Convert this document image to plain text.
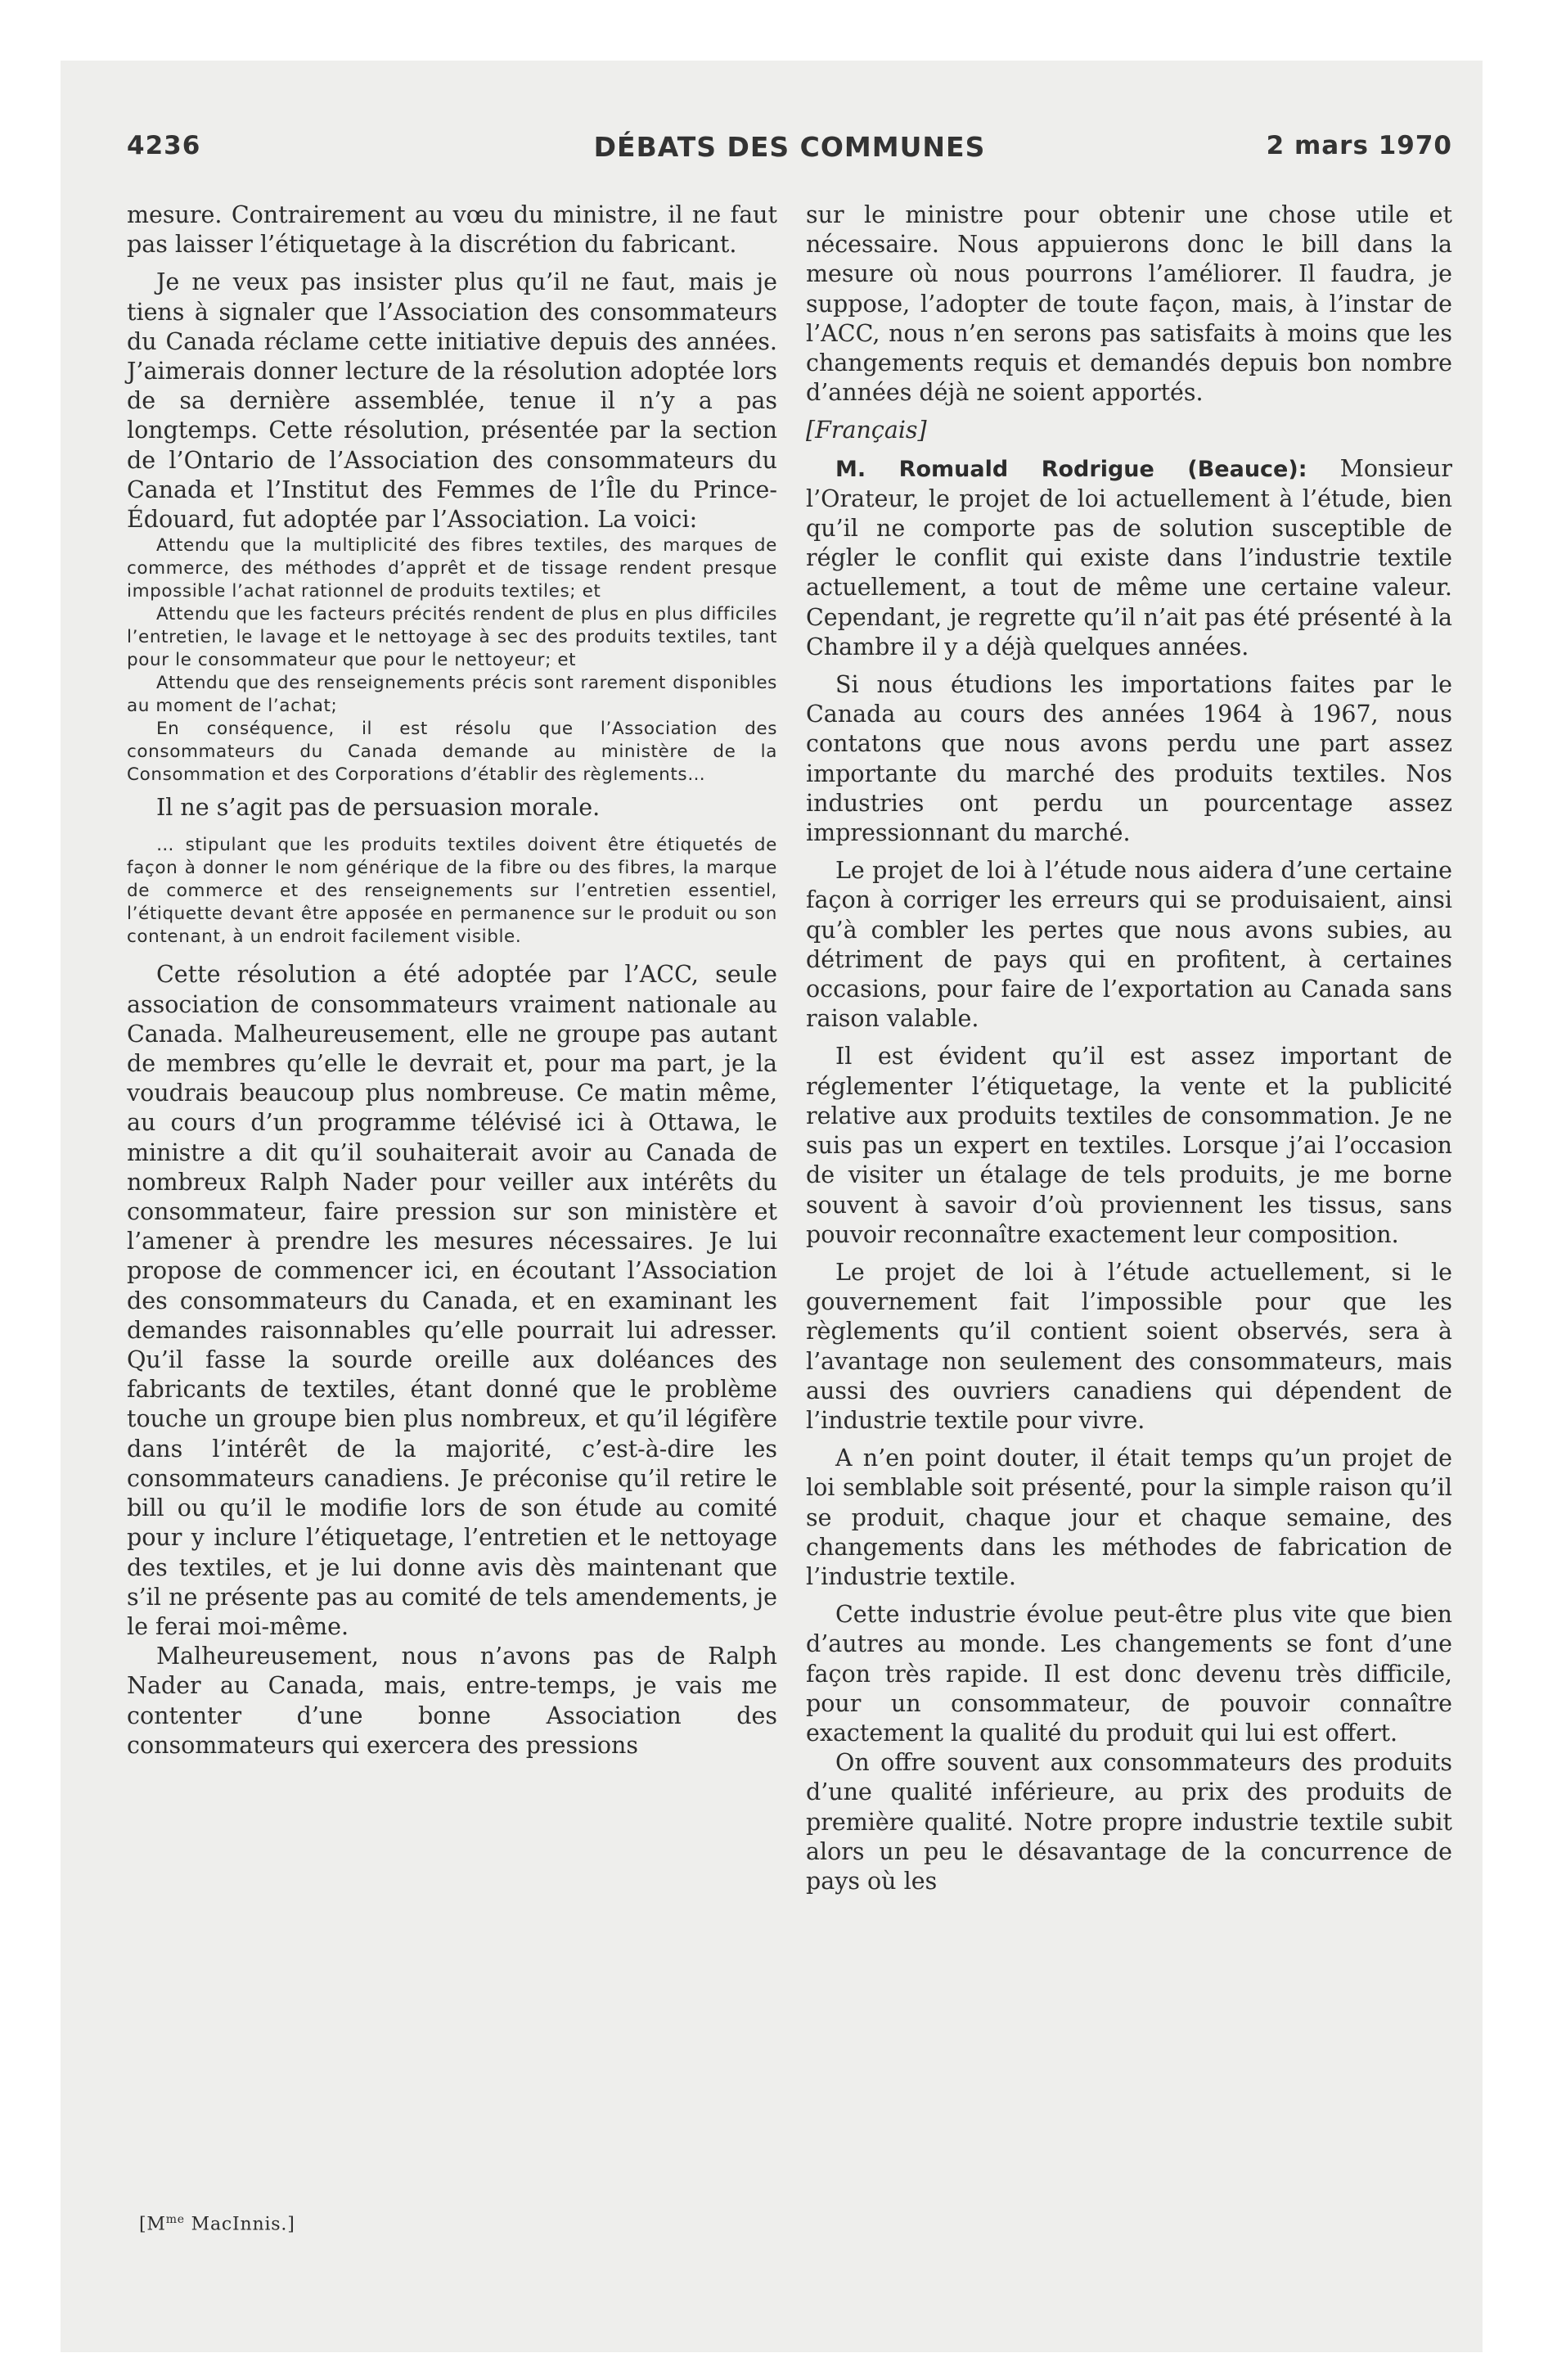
4236	DÉBATS DES COMMUNES	2 mars 1970

mesure. Contrairement au vœu du ministre, il ne faut pas laisser l’étiquetage à la discrétion du fabricant.

Je ne veux pas insister plus qu’il ne faut, mais je tiens à signaler que l’Association des consommateurs du Canada réclame cette initiative depuis des années. J’aimerais donner lecture de la résolution adoptée lors de sa dernière assemblée, tenue il n’y a pas longtemps. Cette résolution, présentée par la section de l’Ontario de l’Association des consommateurs du Canada et l’Institut des Femmes de l’Île du Prince-Édouard, fut adoptée par l’Association. La voici:

Attendu que la multiplicité des fibres textiles, des marques de commerce, des méthodes d’apprêt et de tissage rendent presque impossible l’achat rationnel de produits textiles; et

Attendu que les facteurs précités rendent de plus en plus difficiles l’entretien, le lavage et le nettoyage à sec des produits textiles, tant pour le consommateur que pour le nettoyeur; et

Attendu que des renseignements précis sont rarement disponibles au moment de l’achat;

En conséquence, il est résolu que l’Association des consommateurs du Canada demande au ministère de la Consommation et des Corporations d’établir des règlements…

Il ne s’agit pas de persuasion morale.

… stipulant que les produits textiles doivent être étiquetés de façon à donner le nom générique de la fibre ou des fibres, la marque de commerce et des renseignements sur l’entretien essentiel, l’étiquette devant être apposée en permanence sur le produit ou son contenant, à un endroit facilement visible.

Cette résolution a été adoptée par l’ACC, seule association de consommateurs vraiment nationale au Canada. Malheureusement, elle ne groupe pas autant de membres qu’elle le devrait et, pour ma part, je la voudrais beaucoup plus nombreuse. Ce matin même, au cours d’un programme télévisé ici à Ottawa, le ministre a dit qu’il souhaiterait avoir au Canada de nombreux Ralph Nader pour veiller aux intérêts du consommateur, faire pression sur son ministère et l’amener à prendre les mesures nécessaires. Je lui propose de commencer ici, en écoutant l’Association des consommateurs du Canada, et en examinant les demandes raisonnables qu’elle pourrait lui adresser. Qu’il fasse la sourde oreille aux doléances des fabricants de textiles, étant donné que le problème touche un groupe bien plus nombreux, et qu’il légifère dans l’intérêt de la majorité, c’est-à-dire les consommateurs canadiens. Je préconise qu’il retire le bill ou qu’il le modifie lors de son étude au comité pour y inclure l’étiquetage, l’entretien et le nettoyage des textiles, et je lui donne avis dès maintenant que s’il ne présente pas au comité de tels amendements, je le ferai moi-même.

Malheureusement, nous n’avons pas de Ralph Nader au Canada, mais, entre-temps, je vais me contenter d’une bonne Association des consommateurs qui exercera des pressions

[$M^{me}$ MacInnis.]

sur le ministre pour obtenir une chose utile et nécessaire. Nous appuierons donc le bill dans la mesure où nous pourrons l’améliorer. Il faudra, je suppose, l’adopter de toute façon, mais, à l’instar de l’ACC, nous n’en serons pas satisfaits à moins que les changements requis et demandés depuis bon nombre d’années déjà ne soient apportés.

[Français]

M. Romuald Rodrigue (Beauce): Monsieur l’Orateur, le projet de loi actuellement à l’étude, bien qu’il ne comporte pas de solution susceptible de régler le conflit qui existe dans l’industrie textile actuellement, a tout de même une certaine valeur. Cependant, je regrette qu’il n’ait pas été présenté à la Chambre il y a déjà quelques années.

Si nous étudions les importations faites par le Canada au cours des années 1964 à 1967, nous contatons que nous avons perdu une part assez importante du marché des produits textiles. Nos industries ont perdu un pourcentage assez impressionnant du marché.

Le projet de loi à l’étude nous aidera d’une certaine façon à corriger les erreurs qui se produisaient, ainsi qu’à combler les pertes que nous avons subies, au détriment de pays qui en profitent, à certaines occasions, pour faire de l’exportation au Canada sans raison valable.

Il est évident qu’il est assez important de réglementer l’étiquetage, la vente et la publicité relative aux produits textiles de consommation. Je ne suis pas un expert en textiles. Lorsque j’ai l’occasion de visiter un étalage de tels produits, je me borne souvent à savoir d’où proviennent les tissus, sans pouvoir reconnaître exactement leur composition.

Le projet de loi à l’étude actuellement, si le gouvernement fait l’impossible pour que les règlements qu’il contient soient observés, sera à l’avantage non seulement des consommateurs, mais aussi des ouvriers canadiens qui dépendent de l’industrie textile pour vivre.

A n’en point douter, il était temps qu’un projet de loi semblable soit présenté, pour la simple raison qu’il se produit, chaque jour et chaque semaine, des changements dans les méthodes de fabrication de l’industrie textile.

Cette industrie évolue peut-être plus vite que bien d’autres au monde. Les changements se font d’une façon très rapide. Il est donc devenu très difficile, pour un consommateur, de pouvoir connaître exactement la qualité du produit qui lui est offert.

On offre souvent aux consommateurs des produits d’une qualité inférieure, au prix des produits de première qualité. Notre propre industrie textile subit alors un peu le désavantage de la concurrence de pays où les
